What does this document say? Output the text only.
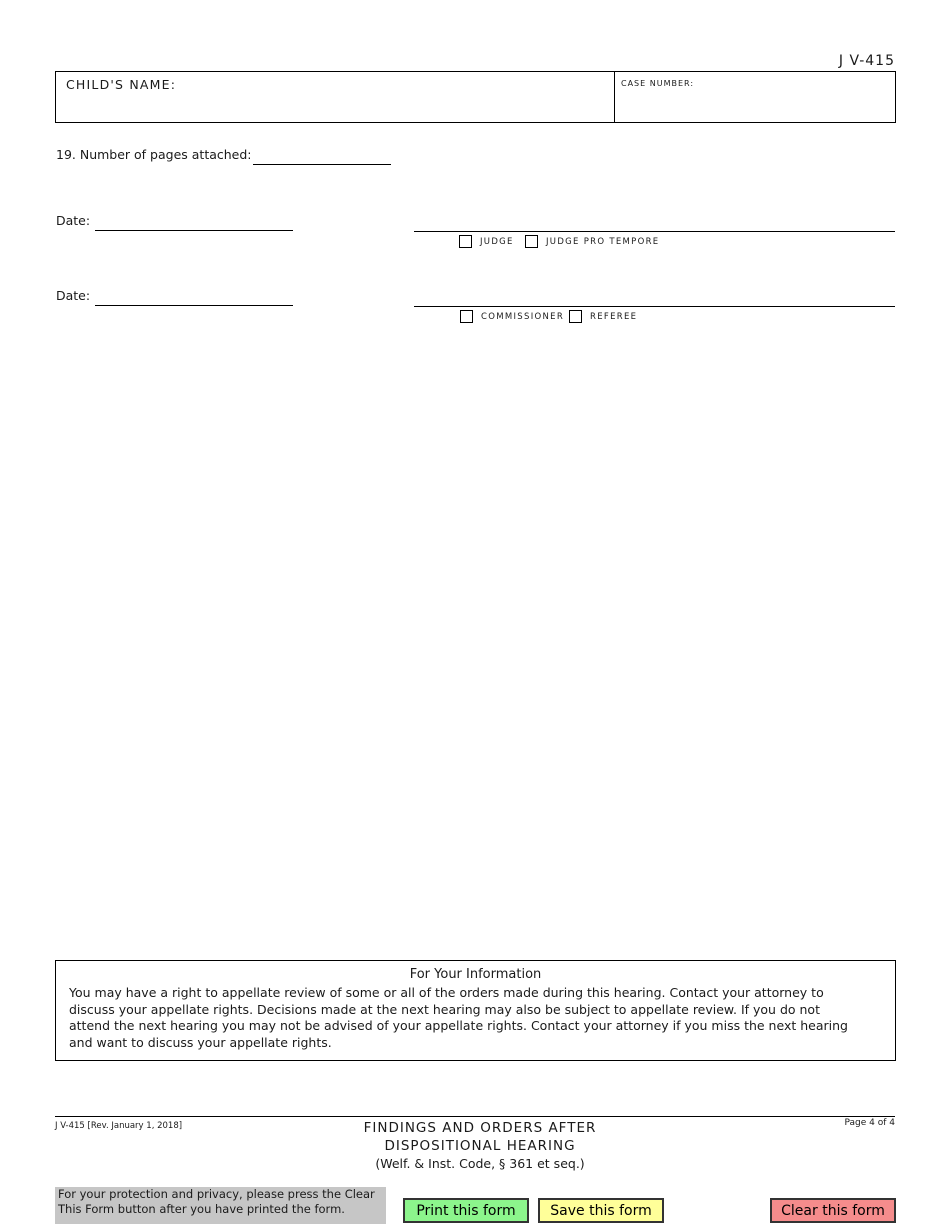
J V-415
CHILD'S NAME:	CASE NUMBER:
19. Number of pages attached:
Date:
JUDGE	JUDGE PRO TEMPORE
Date:
COMMISSIONER	REFEREE
For Your Information
You may have a right to appellate review of some or all of the orders made during this hearing. Contact your attorney to discuss your appellate rights. Decisions made at the next hearing may also be subject to appellate review. If you do not attend the next hearing you may not be advised of your appellate rights. Contact your attorney if you miss the next hearing and want to discuss your appellate rights.
J V-415 [Rev. January 1, 2018]	FINDINGS AND ORDERS AFTER
DISPOSITIONAL HEARING
(Welf. & Inst. Code, § 361 et seq.)
Page 4 of 4
For your protection and privacy, please press the Clear This Form button after you have printed the form.	Print this form	Save this form	Clear this form
